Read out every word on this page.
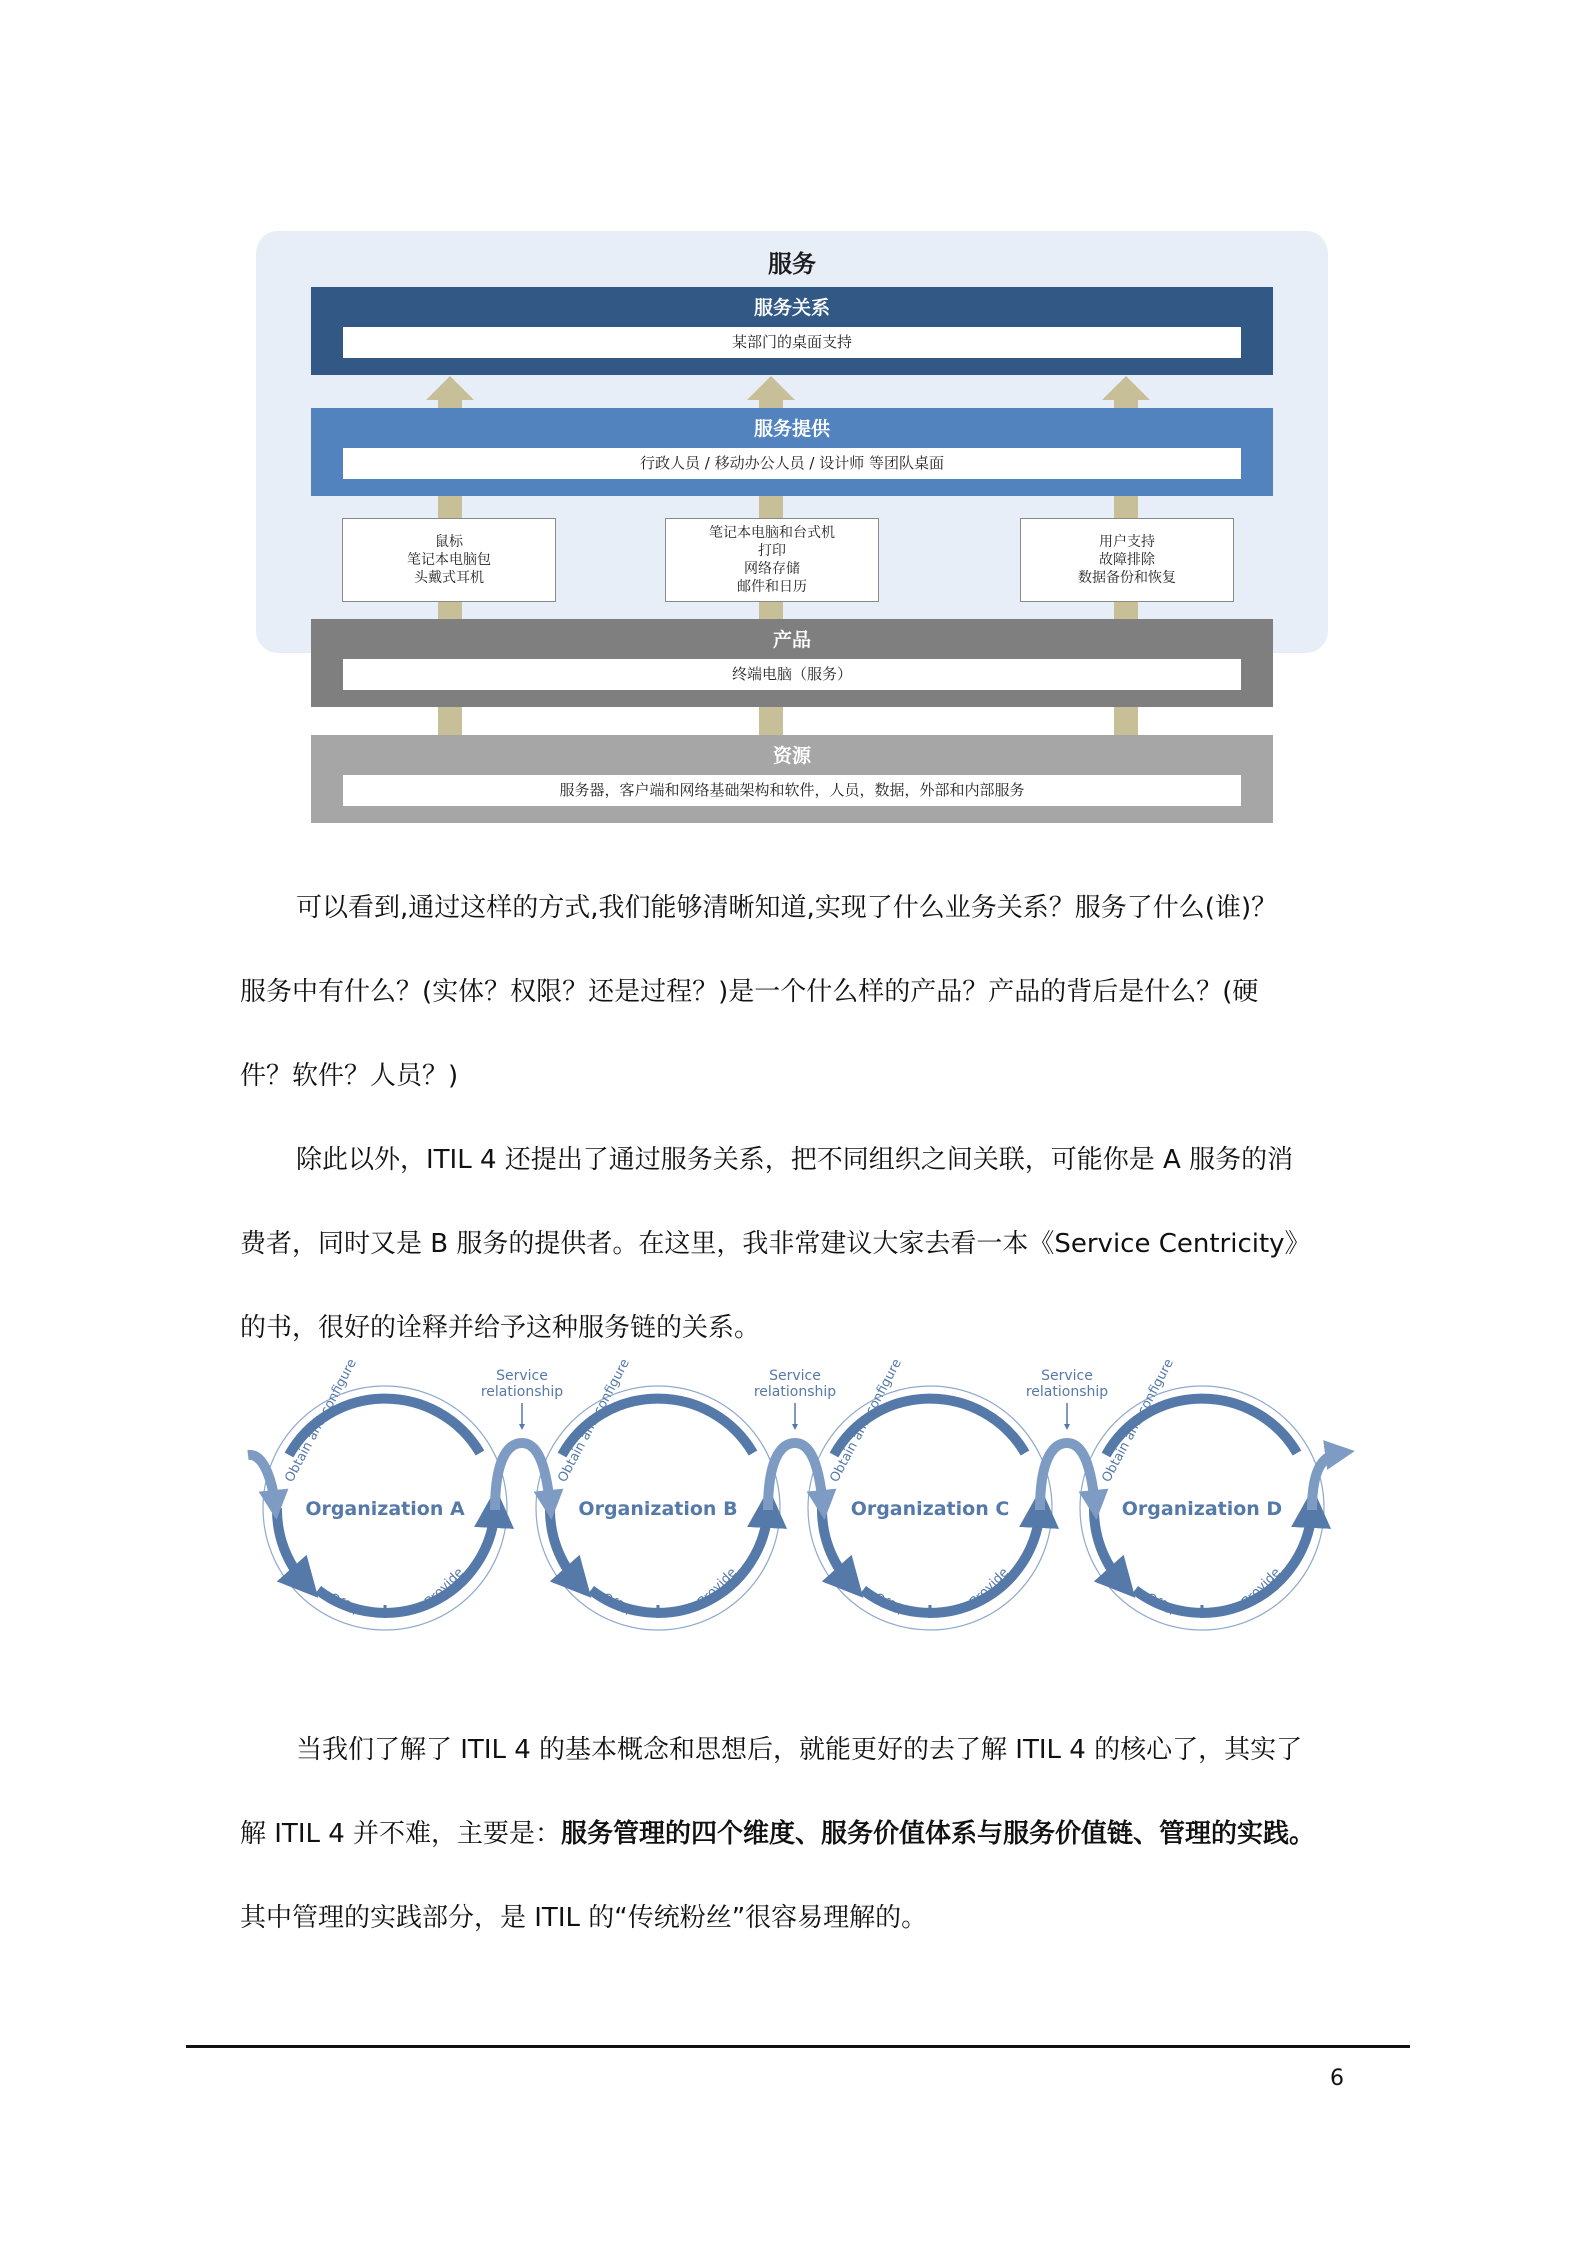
服务
服务关系
某部门的桌面支持
服务提供
行政人员 / 移动办公人员 / 设计师 等团队桌面
鼠标
笔记本电脑包
头戴式耳机
笔记本电脑和台式机
打印
网络存储
邮件和日历
用户支持
故障排除
数据备份和恢复
产品
终端电脑（服务）
资源
服务器，客户端和网络基础架构和软件，人员，数据，外部和内部服务
可以看到,通过这样的方式,我们能够清晰知道,实现了什么业务关系？服务了什么(谁)？
服务中有什么？(实体？权限？还是过程？)是一个什么样的产品？产品的背后是什么？(硬
件？软件？人员？)
除此以外，ITIL 4 还提出了通过服务关系，把不同组织之间关联，可能你是 A 服务的消
费者，同时又是 B 服务的提供者。在这里，我非常建议大家去看一本《Service Centricity》
的书，很好的诠释并给予这种服务链的关系。
Service
relationship
Service
relationship
Service
relationship
Organization A	Organization B	Organization C	Organization D
Obtain and configure	Obtain and configure	Obtain and configure	Obtain and configure
Offer	Offer	Offer	Offer
Provide	Provide	Provide	Provide
当我们了解了 ITIL 4 的基本概念和思想后，就能更好的去了解 ITIL 4 的核心了，其实了
解 ITIL 4 并不难，主要是：服务管理的四个维度、服务价值体系与服务价值链、管理的实践。
其中管理的实践部分，是 ITIL 的“传统粉丝”很容易理解的。
6
